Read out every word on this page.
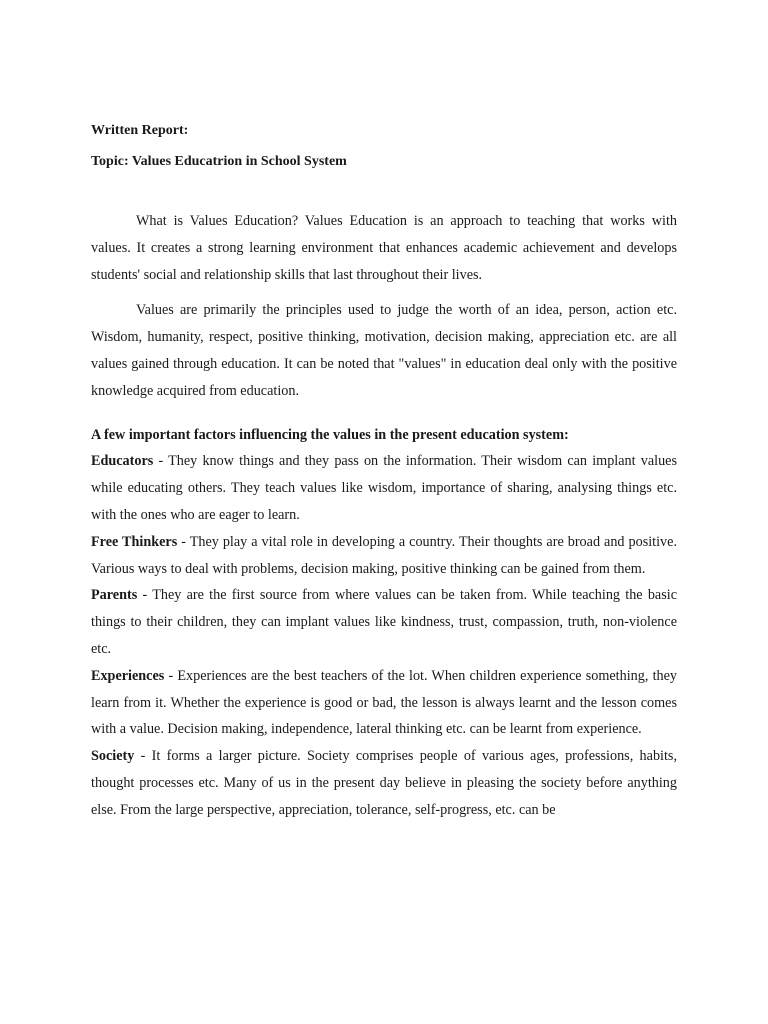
Written Report:
Topic: Values Educatrion in School System

What is Values Education? Values Education is an approach to teaching that works with values. It creates a strong learning environment that enhances academic achievement and develops students' social and relationship skills that last throughout their lives.

Values are primarily the principles used to judge the worth of an idea, person, action etc. Wisdom, humanity, respect, positive thinking, motivation, decision making, appreciation etc. are all values gained through education. It can be noted that "values" in education deal only with the positive knowledge acquired from education.

A few important factors influencing the values in the present education system:

Educators - They know things and they pass on the information. Their wisdom can implant values while educating others. They teach values like wisdom, importance of sharing, analysing things etc. with the ones who are eager to learn.

Free Thinkers - They play a vital role in developing a country. Their thoughts are broad and positive. Various ways to deal with problems, decision making, positive thinking can be gained from them.

Parents - They are the first source from where values can be taken from. While teaching the basic things to their children, they can implant values like kindness, trust, compassion, truth, non-violence etc.

Experiences - Experiences are the best teachers of the lot. When children experience something, they learn from it. Whether the experience is good or bad, the lesson is always learnt and the lesson comes with a value. Decision making, independence, lateral thinking etc. can be learnt from experience.

Society - It forms a larger picture. Society comprises people of various ages, professions, habits, thought processes etc. Many of us in the present day believe in pleasing the society before anything else. From the large perspective, appreciation, tolerance, self-progress, etc. can be
